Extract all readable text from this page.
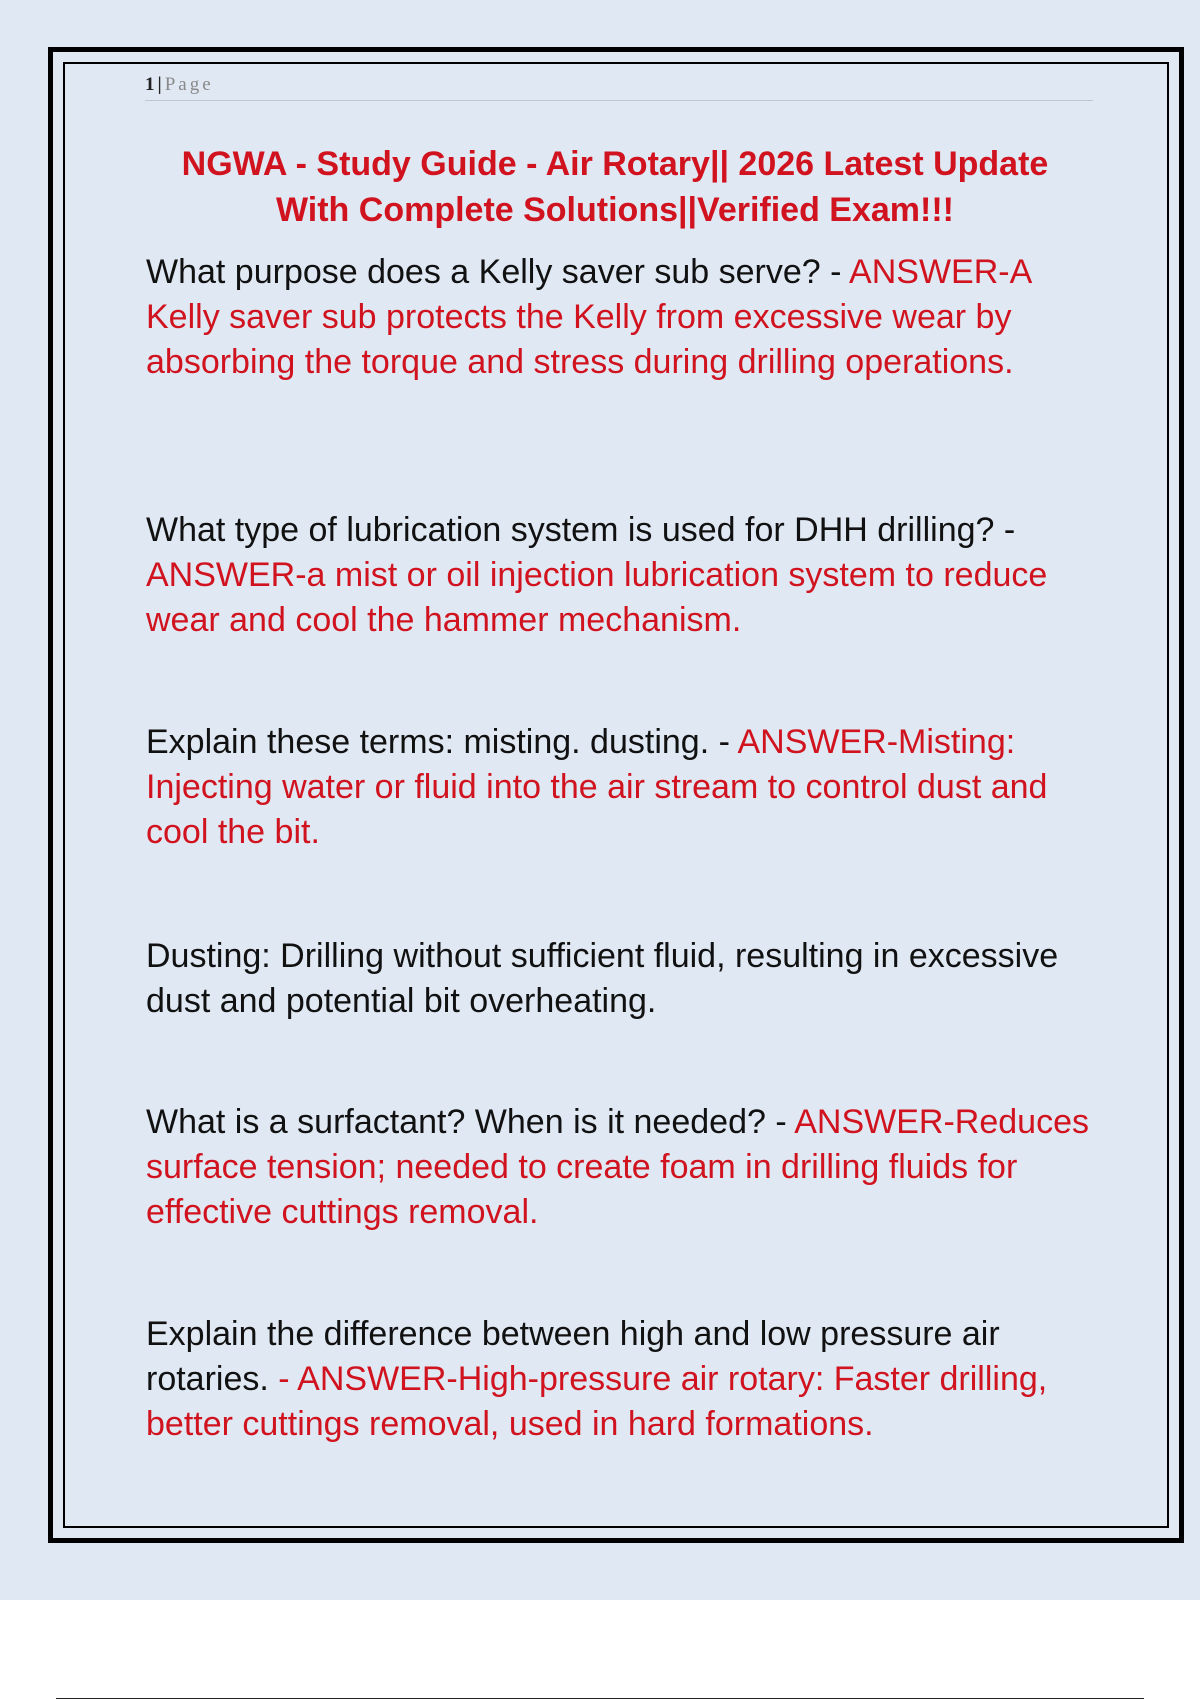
1 | Page
NGWA - Study Guide - Air Rotary|| 2026 Latest Update
With Complete Solutions||Verified Exam!!!

What purpose does a Kelly saver sub serve? - ANSWER-A Kelly saver sub protects the Kelly from excessive wear by absorbing the torque and stress during drilling operations.

What type of lubrication system is used for DHH drilling? - ANSWER-a mist or oil injection lubrication system to reduce wear and cool the hammer mechanism.

Explain these terms: misting. dusting. - ANSWER-Misting: Injecting water or fluid into the air stream to control dust and cool the bit.

Dusting: Drilling without sufficient fluid, resulting in excessive dust and potential bit overheating.

What is a surfactant? When is it needed? - ANSWER-Reduces surface tension; needed to create foam in drilling fluids for effective cuttings removal.

Explain the difference between high and low pressure air rotaries. - ANSWER-High-pressure air rotary: Faster drilling, better cuttings removal, used in hard formations.
